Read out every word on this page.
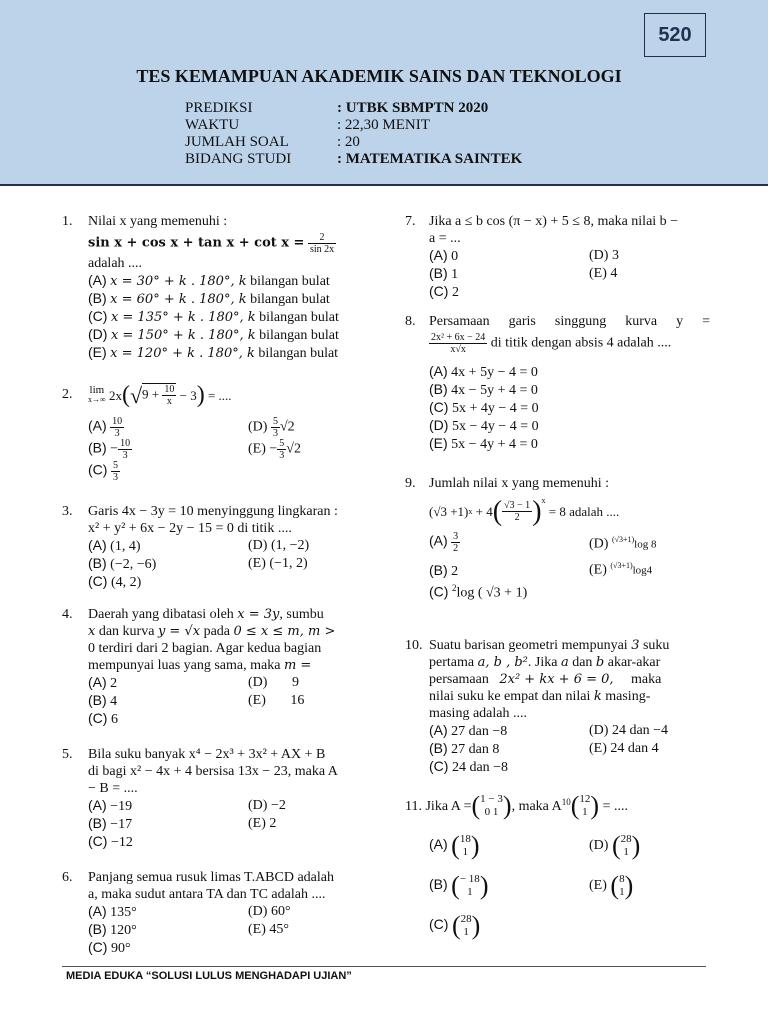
520
TES KEMAMPUAN AKADEMIK SAINS DAN TEKNOLOGI
PREDIKSI	: UTBK SBMPTN 2020
WAKTU	: 22,30 MENIT
JUMLAH SOAL	: 20
BIDANG STUDI	: MATEMATIKA SAINTEK
1. Nilai x yang memenuhi :
$\sin x + \cos x + \tan x + \cot x = \frac{2}{\sin 2x}$
adalah ....
(A) x = 30° + k . 180°, k bilangan bulat
(B) x = 60° + k . 180°, k bilangan bulat
(C) x = 135° + k . 180°, k bilangan bulat
(D) x = 150° + k . 180°, k bilangan bulat
(E) x = 120° + k . 180°, k bilangan bulat
2. lim
x→∞
2x ( √ $9 + \frac{10}{x}$
− 3 )
= ....
$(A) \frac{10}{3}$	$(D) \frac{5}{3} √2$
$(B) - \frac{10}{3}$	$(E) - \frac{5}{3} √2$
$(C) \frac{5}{3}$
3. Garis 4x − 3y = 10 menyinggung lingkaran :
x² + y² + 6x − 2y − 15 = 0 di titik ....
(A) (1, 4)	(D) (1, −2)
(B) (−2, −6)	(E) (−1, 2)
(C) (4, 2)
4. Daerah yang dibatasi oleh x = 3y, sumbu
x dan kurva y = √x pada 0 ≤ x ≤ m, m >
0 terdiri dari 2 bagian. Agar kedua bagian
mempunyai luas yang sama, maka m =
(A) 2	(D) 9
(B) 4	(E) 16
(C) 6
5. Bila suku banyak x⁴ − 2x³ + 3x² + AX + B
di bagi x² − 4x + 4 bersisa 13x − 23, maka A
− B = ....
(A) −19	(D) −2
(B) −17	(E) 2
(C) −12
6. Panjang semua rusuk limas T.ABCD adalah
a, maka sudut antara TA dan TC adalah ....
(A) 135°	(D) 60°
(B) 120°	(E) 45°
(C) 90°
7. Jika a ≤ b cos (π − x) + 5 ≤ 8, maka nilai b −
a = ...
(A) 0	(D) 3
(B) 1	(E) 4
(C) 2
8. Persamaan garis singgung kurva y =
$\frac{\text{2x² + 6x − 24}}{x√x}$ di titik dengan absis 4 adalah ....
(A) 4x + 5y − 4 = 0
(B) 4x − 5y + 4 = 0
(C) 5x + 4y − 4 = 0
(D) 5x − 4y − 4 = 0
(E) 5x − 4y + 4 = 0
9. Jumlah nilai x yang memenuhi :
(√3 +1) x
+ 4 ( $\frac{√3 - 1}{2} )^x$

= 8 adalah ....
$(A) \frac{3}{2}$	(D) $^{(√3+1)}$log 8
(B) 2	(E) $^{(√3+1)}$log4
(C) $^2$log ( √3 + 1)
10. Suatu barisan geometri mempunyai 3 suku
pertama a, b , b². Jika a dan b akar-akar
persamaan   2x² + kx + 6 = 0,     maka
nilai suku ke empat dan nilai k masing-
masing adalah ....
(A) 27 dan −8	(D) 24 dan −4
(B) 27 dan 8	(E) 24 dan 4
(C) 24 dan −8
11.
Jika A = ( 1 − 3
0 1 ) , maka $A^{10}$ ( 12
1 )
= ....
(A) ( 18
1 )	(D) ( 28
1 )
(B) ( − 18
1 )	(E) ( 8
1 )
(C) ( 28
1 )
MEDIA EDUKA “SOLUSI LULUS MENGHADAPI UJIAN”
